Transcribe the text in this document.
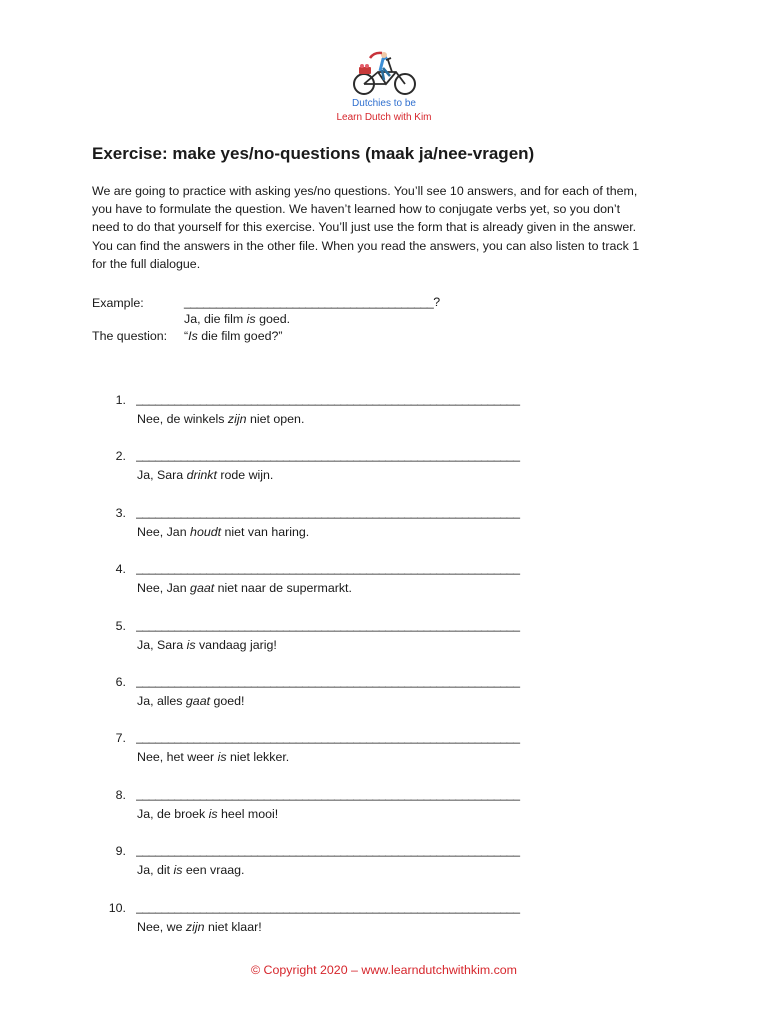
Dutchies to be
Learn Dutch with Kim
Exercise: make yes/no-questions (maak ja/nee-vragen)
We are going to practice with asking yes/no questions. You’ll see 10 answers, and for each of them,
you have to formulate the question. We haven’t learned how to conjugate verbs yet, so you don’t
need to do that yourself for this exercise. You’ll just use the form that is already given in the answer.
You can find the answers in the other file. When you read the answers, you can also listen to track 1
for the full dialogue.
Example:	_______________________________________?
Ja, die film is goed.
The question: “Is die film goed?”
1. ____________________________________________________________
Nee, de winkels zijn niet open.
2. ____________________________________________________________
Ja, Sara drinkt rode wijn.
3. ____________________________________________________________
Nee, Jan houdt niet van haring.
4. ____________________________________________________________
Nee, Jan gaat niet naar de supermarkt.
5. ____________________________________________________________
Ja, Sara is vandaag jarig!
6. ____________________________________________________________
Ja, alles gaat goed!
7. ____________________________________________________________
Nee, het weer is niet lekker.
8. ____________________________________________________________
Ja, de broek is heel mooi!
9. ____________________________________________________________
Ja, dit is een vraag.
10. ____________________________________________________________
Nee, we zijn niet klaar!
© Copyright 2020 – www.learndutchwithkim.com
